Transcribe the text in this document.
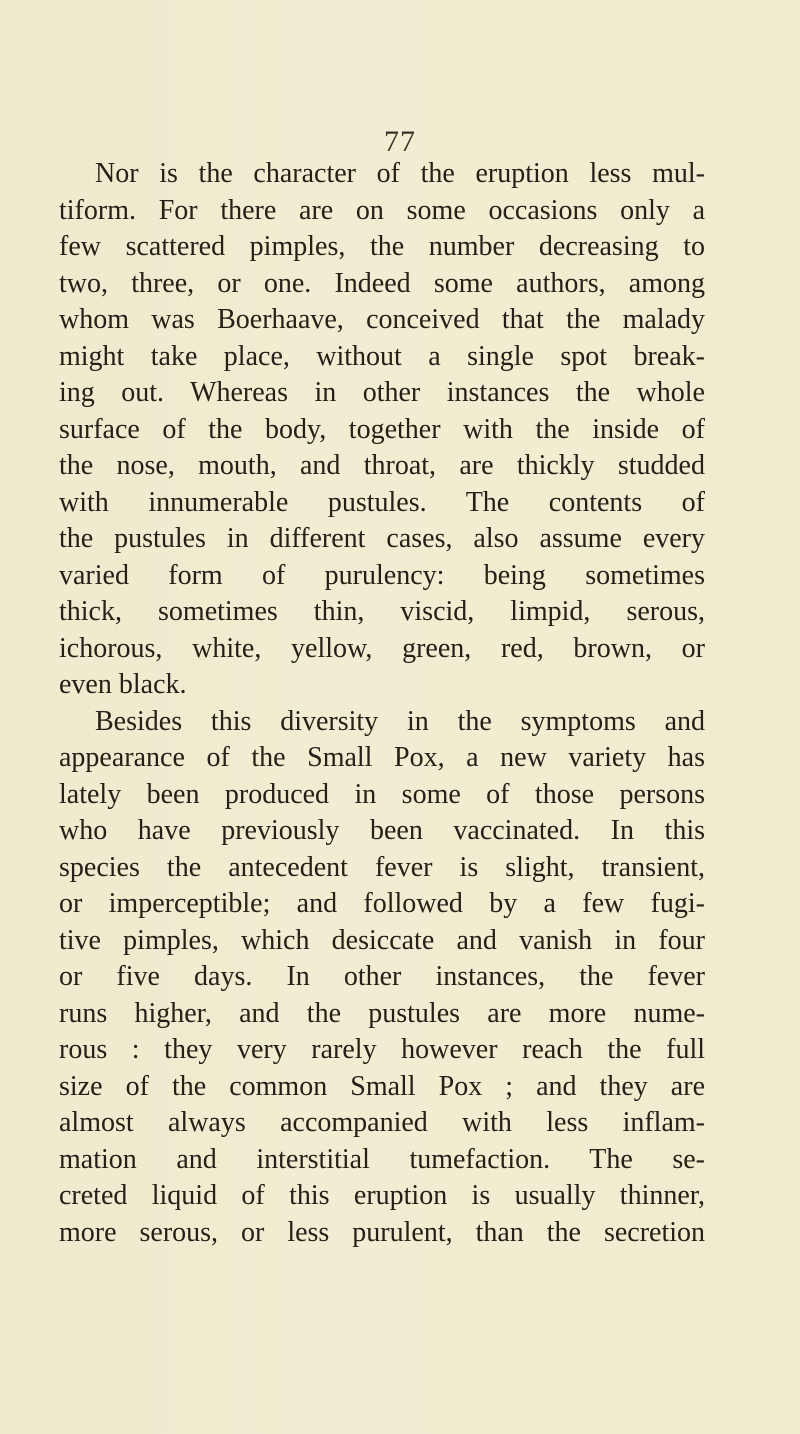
77
Nor is the character of the eruption less mul-
tiform. For there are on some occasions only a
few scattered pimples, the number decreasing to
two, three, or one. Indeed some authors, among
whom was Boerhaave, conceived that the malady
might take place, without a single spot break-
ing out. Whereas in other instances the whole
surface of the body, together with the inside of
the nose, mouth, and throat, are thickly studded
with innumerable pustules. The contents of
the pustules in different cases, also assume every
varied form of purulency: being sometimes
thick, sometimes thin, viscid, limpid, serous,
ichorous, white, yellow, green, red, brown, or
even black.
Besides this diversity in the symptoms and
appearance of the Small Pox, a new variety has
lately been produced in some of those persons
who have previously been vaccinated. In this
species the antecedent fever is slight, transient,
or imperceptible; and followed by a few fugi-
tive pimples, which desiccate and vanish in four
or five days. In other instances, the fever
runs higher, and the pustules are more nume-
rous : they very rarely however reach the full
size of the common Small Pox ; and they are
almost always accompanied with less inflam-
mation and interstitial tumefaction. The se-
creted liquid of this eruption is usually thinner,
more serous, or less purulent, than the secretion
